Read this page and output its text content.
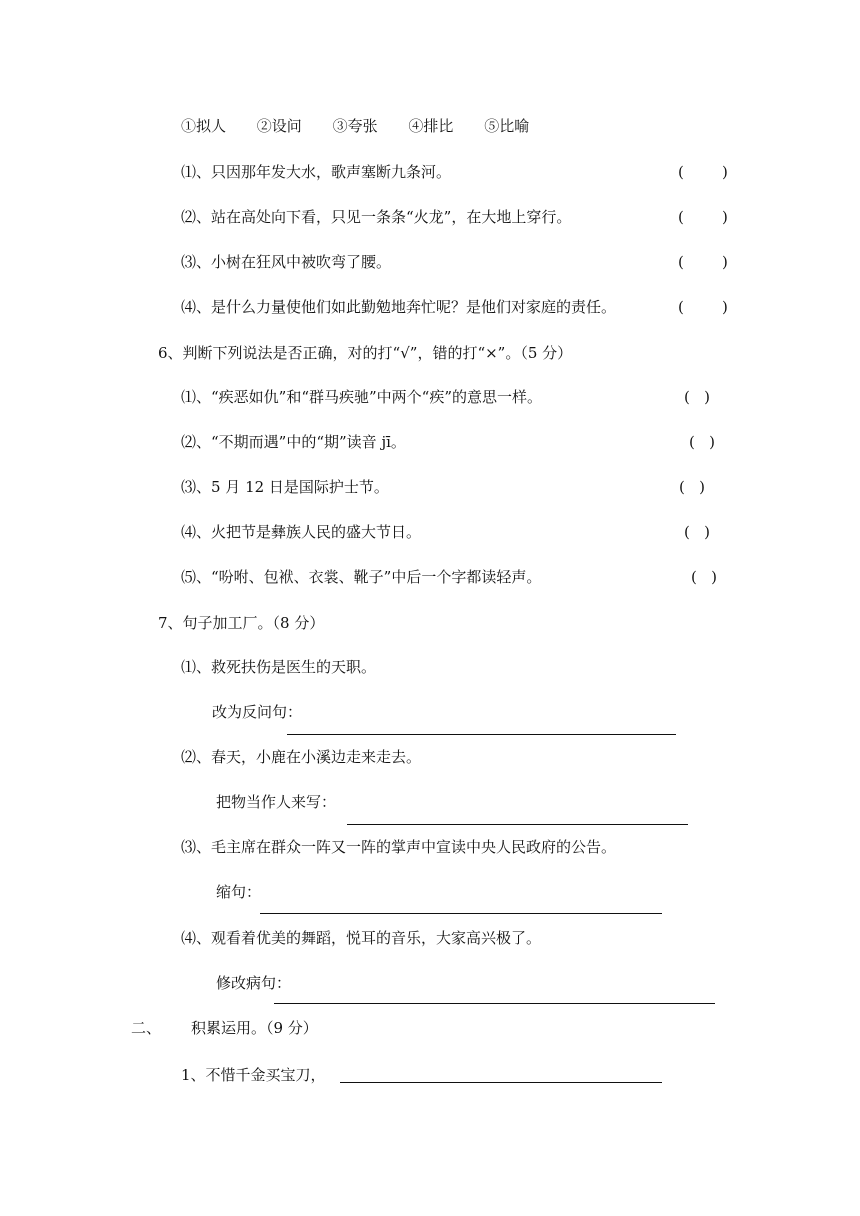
①拟人 ②设问 ③夸张 ④排比 ⑤比喻
⑴、只因那年发大水，歌声塞断九条河。	(        )
⑵、站在高处向下看，只见一条条“火龙”，在大地上穿行。	(        )
⑶、小树在狂风中被吹弯了腰。	(        )
⑷、是什么力量使他们如此勤勉地奔忙呢？是他们对家庭的责任。	(        )
6、判断下列说法是否正确，对的打“√”，错的打“×”。（5 分）
⑴、“疾恶如仇”和“群马疾驰”中两个“疾”的意思一样。	(   )
⑵、“不期而遇”中的“期”读音 jī。	(   )
⑶、5 月 12 日是国际护士节。	(   )
⑷、火把节是彝族人民的盛大节日。	(   )
⑸、“吩咐、包袱、衣裳、靴子”中后一个字都读轻声。	(   )
7、句子加工厂。（8 分）
⑴、救死扶伤是医生的天职。
改为反问句：
⑵、春天，小鹿在小溪边走来走去。
把物当作人来写：
⑶、毛主席在群众一阵又一阵的掌声中宣读中央人民政府的公告。
缩句：
⑷、观看着优美的舞蹈，悦耳的音乐，大家高兴极了。
修改病句：
二、 积累运用。（9 分）
1、不惜千金买宝刀，
